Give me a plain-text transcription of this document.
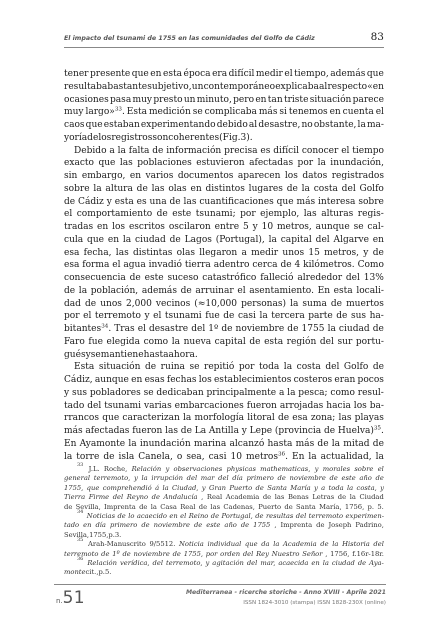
El impacto del tsunami de 1755 en las comunidades del Golfo de Cádiz	83
tener presente que en esta época era difícil medir el tiempo, además que
resultaba bastante subjetivo, un contemporáneo explicaba al respecto «en
ocasiones pasa muy presto un minuto, pero en tan triste situación parece
muy largo»$^{33}$. Esta medición se complicaba más si tenemos en cuenta el
caos que estaban experimentando debido al desastre, no obstante, la ma-
yoría de los registros son coherentes (Fig. 3).
Debido a la falta de información precisa es difícil conocer el tiempo
exacto que las poblaciones estuvieron afectadas por la inundación,
sin embargo, en varios documentos aparecen los datos registrados
sobre la altura de las olas en distintos lugares de la costa del Golfo
de Cádiz y esta es una de las cuantificaciones que más interesa sobre
el comportamiento de este tsunami; por ejemplo, las alturas regis-
tradas en los escritos oscilaron entre 5 y 10 metros, aunque se cal-
cula que en la ciudad de Lagos (Portugal), la capital del Algarve en
esa fecha, las distintas olas llegaron a medir unos 15 metros, y de
esa forma el agua invadió tierra adentro cerca de 4 kilómetros. Como
consecuencia de este suceso catastrófico falleció alrededor del 13%
de la población, además de arruinar el asentamiento. En esta locali-
dad de unos 2,000 vecinos (≈10,000 personas) la suma de muertos
por el terremoto y el tsunami fue de casi la tercera parte de sus ha-
bitantes$^{34}$. Tras el desastre del 1º de noviembre de 1755 la ciudad de
Faro fue elegida como la nueva capital de esta región del sur portu-
gués y se mantiene hasta ahora.
Esta situación de ruina se repitió por toda la costa del Golfo de
Cádiz, aunque en esas fechas los establecimientos costeros eran pocos
y sus pobladores se dedicaban principalmente a la pesca; como resul-
tado del tsunami varias embarcaciones fueron arrojadas hacia los ba-
rrancos que caracterizan la morfología litoral de esa zona; las playas
más afectadas fueron las de La Antilla y Lepe (provincia de Huelva)$^{35}$.
En Ayamonte la inundación marina alcanzó hasta más de la mitad de
la torre de isla Canela, o sea, casi 10 metros$^{36}$. En la actualidad, la
33 J.L. Roche, Relación y observaciones physicas mathematicas, y morales sobre el
general terremoto, y la irrupción del mar del día primero de noviembre de este año de
1755, que comprehendió á la Ciudad, y Gran Puerto de Santa María y a toda la costa, y
Tierra Firme del Reyno de Andalucía , Real Academia de las Benas Letras de la Ciudad
de Sevilla, Imprenta de la Casa Real de las Cadenas, Puerto de Santa María, 1756, p. 5.
34 Noticias de lo acaecido en el Reino de Portugal, de resultas del terremoto experimen-
tado en día primero de noviembre de este año de 1755 , Imprenta de Joseph Padrino,
Sevilla, 1755, p. 3.
35 Arah-Manuscrito 9/5512. Noticia individual que da la Academia de la Historia del
terremoto de 1º de noviembre de 1755, por orden del Rey Nuestro Señor , 1756, f.16r-18r.
36 Relación verídica, del terremoto, y agitación del mar, acaecida en la ciudad de Aya-
monte cit., p. 5.
n.51	Mediterranea - ricerche storiche - Anno XVIII - Aprile 2021
ISSN 1824-3010 (stampa) ISSN 1828-230X (online)
